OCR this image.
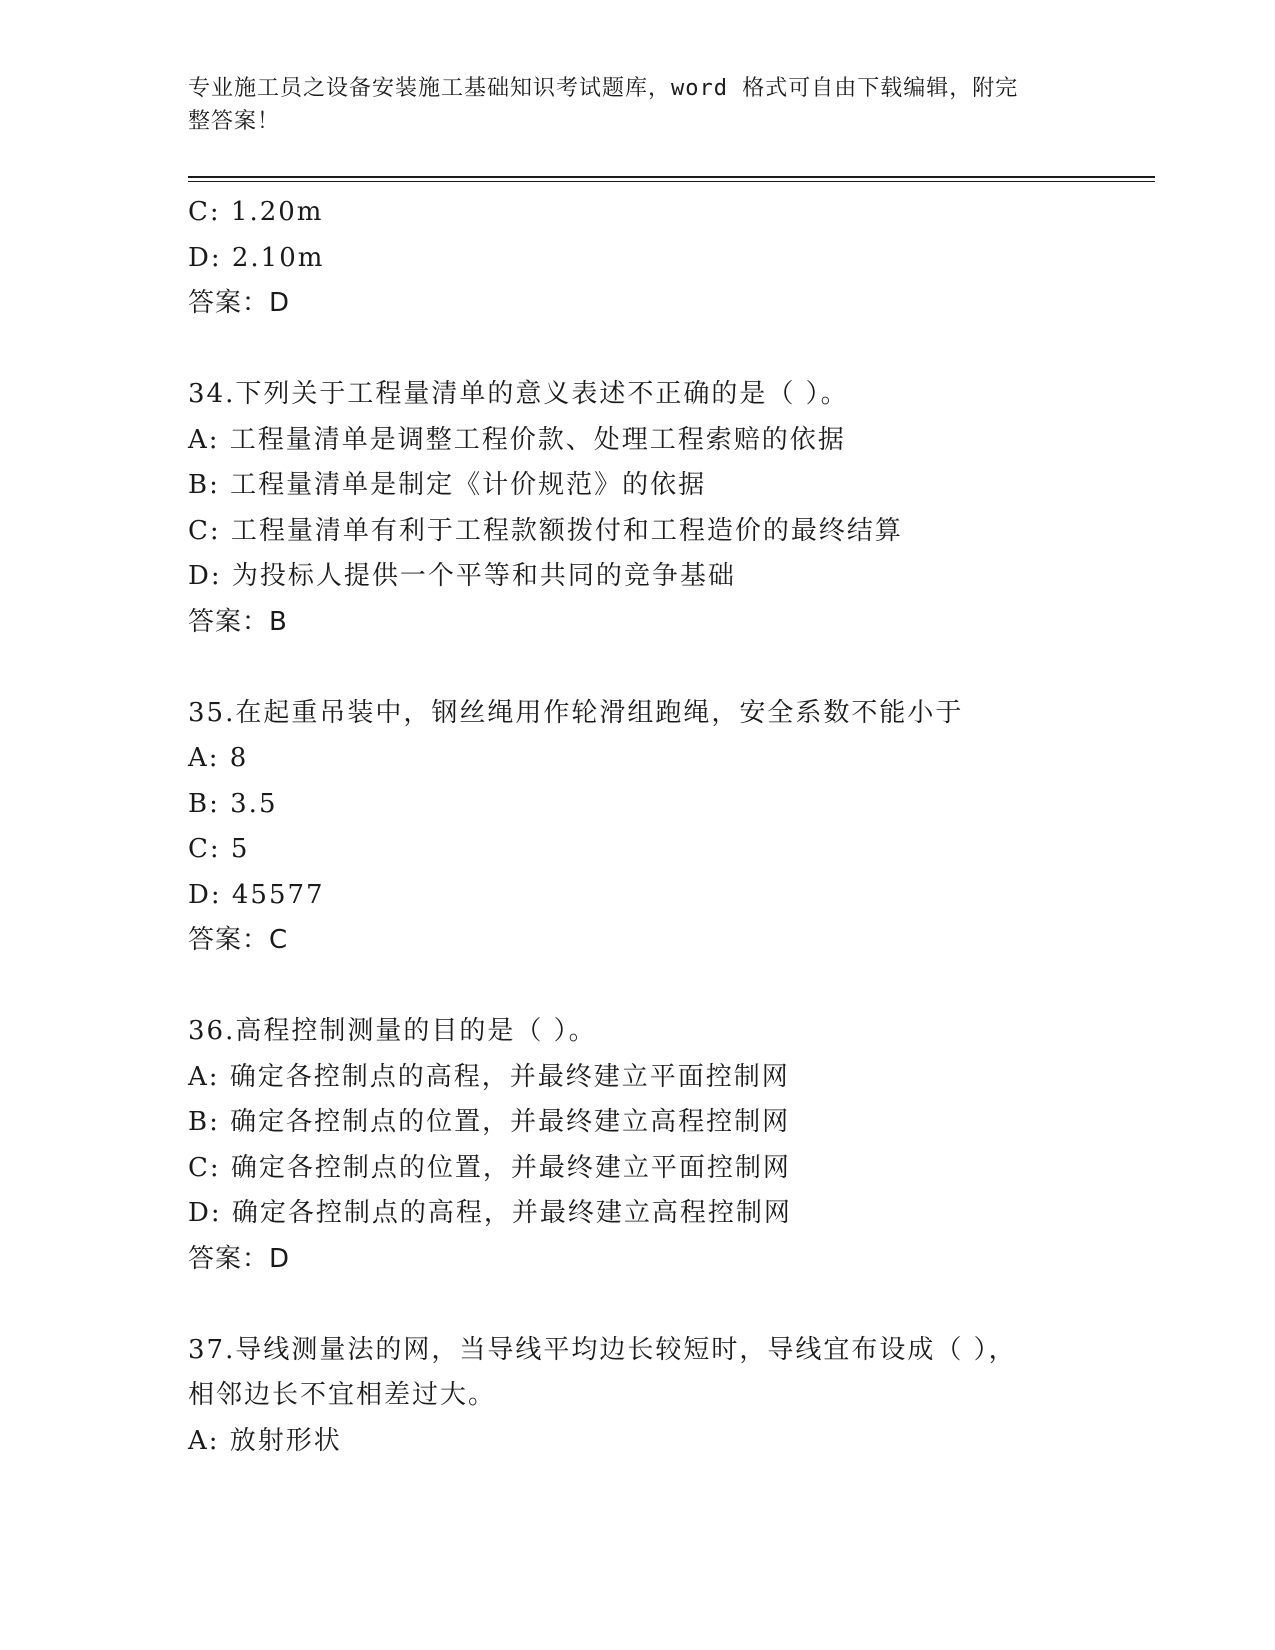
专业施工员之设备安装施工基础知识考试题库，word 格式可自由下载编辑，附完
整答案！
C: 1.20m
D: 2.10m
答案：D
34.下列关于工程量清单的意义表述不正确的是（ ）。
A: 工程量清单是调整工程价款、处理工程索赔的依据
B: 工程量清单是制定《计价规范》的依据
C: 工程量清单有利于工程款额拨付和工程造价的最终结算
D: 为投标人提供一个平等和共同的竞争基础
答案：B
35.在起重吊装中，钢丝绳用作轮滑组跑绳，安全系数不能小于
A: 8
B: 3.5
C: 5
D: 45577
答案：C
36.高程控制测量的目的是（ ）。
A: 确定各控制点的高程，并最终建立平面控制网
B: 确定各控制点的位置，并最终建立高程控制网
C: 确定各控制点的位置，并最终建立平面控制网
D: 确定各控制点的高程，并最终建立高程控制网
答案：D
37.导线测量法的网，当导线平均边长较短时，导线宜布设成（ ），
相邻边长不宜相差过大。
A: 放射形状
